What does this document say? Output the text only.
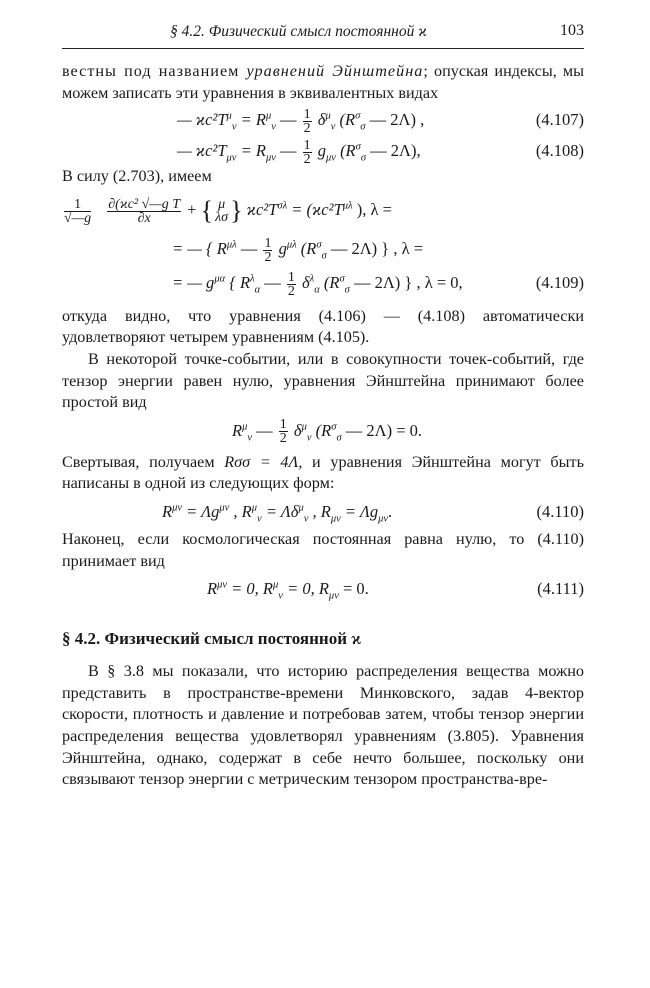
§ 4.2. Физический смысл постоянной ϰ	103

вестны под названием уравнений Эйнштейна; опуская индексы, мы можем записать эти уравнения в эквивалентных видах

— $ϰc^2T^\mu_\nu = R^\mu_\nu$ — $\frac{1}{2} \delta^\mu_\nu$ ($R^\sigma_\sigma$ — 2Λ) ,	(4.107)
— $ϰc^2T_{\mu\nu} = R_{\mu\nu}$ — $\frac{1}{2} g_{\mu\nu}$ ($R^\sigma_\sigma$ — 2Λ),	(4.108)

В силу (2.703), имеем

$\frac{1}{√—g}$
$\frac{\text{∂(ϰc² √—g T}}{\partial x}$ + { μ
λσ } $ϰc^2T^{\sigma\lambda} = (ϰc^2T^{\mu\lambda}$ ), λ =
= — { $R^{\mu\lambda}$ — $\frac{1}{2} g^{\mu\lambda}$ ($R^\sigma_\sigma$ — 2Λ) } , λ =
= — $g^{\mu\alpha}$ { $R^\lambda_\alpha$ — $\frac{1}{2} \delta^\lambda_\alpha$ ($R^\sigma_\sigma$ — 2Λ) } , λ = 0,	(4.109)

откуда видно, что уравнения (4.106) — (4.108) автоматически удовлетворяют четырем уравнениям (4.105).

В некоторой точке-событии, или в совокупности точек-событий, где тензор энергии равен нулю, уравнения Эйнштейна принимают более простой вид

$R^\mu_\nu$ — $\frac{1}{2} \delta^\mu_\nu$ ($R^\sigma_\sigma$ — 2Λ) = 0.

Свертывая, получаем Rσσ = 4Λ, и уравнения Эйнштейна могут быть написаны в одной из следующих форм:

$R^{\mu\nu} = \Lambda g^{\mu\nu}$ , $R^\mu_\nu = \Lambda\delta^\mu_\nu$ , $R_{\mu\nu} = \Lambda g_{\mu\nu}$.	(4.110)

Наконец, если космологическая постоянная равна нулю, то (4.110) принимает вид

$R^{\mu\nu} = 0$, $R^\mu_\nu = 0$, $R_{\mu\nu} = 0$.	(4.111)
§ 4.2. Физический смысл постоянной ϰ

В § 3.8 мы показали, что историю распределения вещества можно представить в пространстве-времени Минковского, задав 4-вектор скорости, плотность и давление и потребовав затем, чтобы тензор энергии распределения вещества удовлетворял уравнениям (3.805). Уравнения Эйнштейна, однако, содержат в себе нечто большее, поскольку они связывают тензор энергии с метрическим тензором пространства-вре-
